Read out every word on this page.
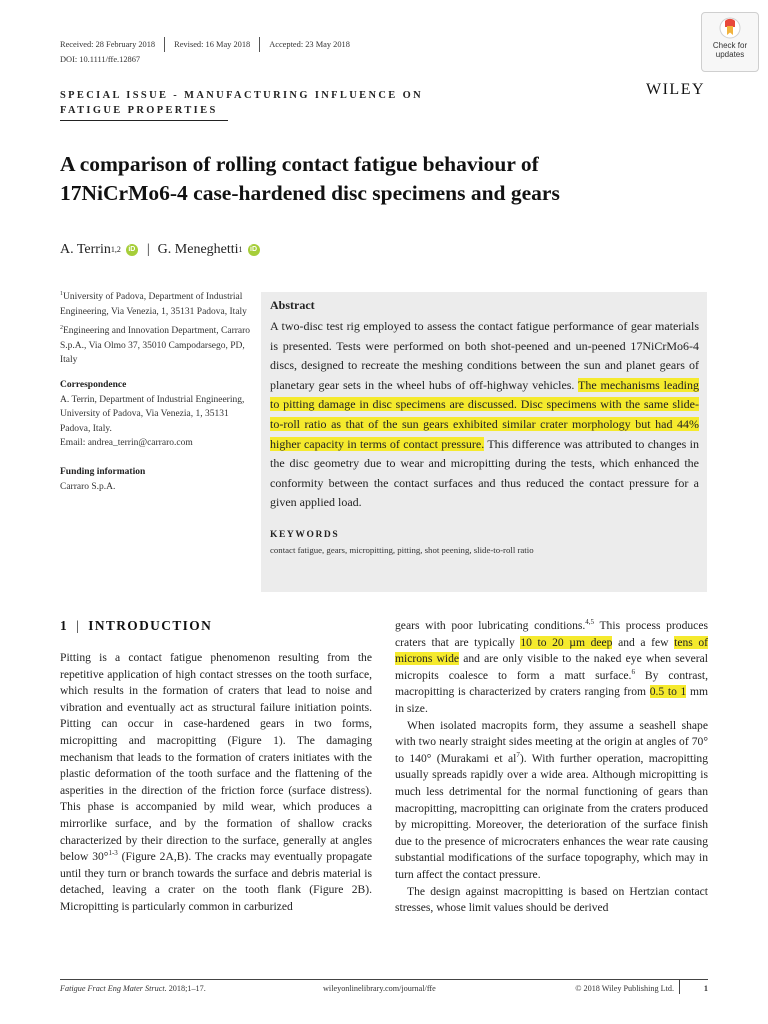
Received: 28 February 2018 Revised: 16 May 2018 Accepted: 23 May 2018
DOI: 10.1111/ffe.12867
Check for
updates
WILEY
SPECIAL ISSUE - MANUFACTURING INFLUENCE ON
FATIGUE PROPERTIES
A comparison of rolling contact fatigue behaviour of
17NiCrMo6-4 case-hardened disc specimens and gears
A. Terrin 1,2	iD | G. Meneghetti 1	iD

$^1$University of Padova, Department of Industrial Engineering, Via Venezia, 1, 35131 Padova, Italy

$^2$Engineering and Innovation Department, Carraro S.p.A., Via Olmo 37, 35010 Campodarsego, PD, Italy

Correspondence

A. Terrin, Department of Industrial Engineering, University of Padova, Via Venezia, 1, 35131 Padova, Italy.

Email: andrea_terrin@carraro.com

Funding information

Carraro S.p.A.

Abstract

A two-disc test rig employed to assess the contact fatigue performance of gear materials is presented. Tests were performed on both shot-peened and un-peened 17NiCrMo6-4 discs, designed to recreate the meshing conditions between the sun and planet gears of planetary gear sets in the wheel hubs of off-highway vehicles. The mechanisms leading to pitting damage in disc specimens are discussed. Disc specimens with the same slide-to-roll ratio as that of the sun gears exhibited similar crater morphology but had 44% higher capacity in terms of contact pressure. This difference was attributed to changes in the disc geometry due to wear and micropitting during the tests, which enhanced the conformity between the contact surfaces and thus reduced the contact pressure for a given applied load.

KEYWORDS
contact fatigue, gears, micropitting, pitting, shot peening, slide-to-roll ratio
1 | INTRODUCTION

Pitting is a contact fatigue phenomenon resulting from the repetitive application of high contact stresses on the tooth surface, which results in the formation of craters that lead to noise and vibration and eventually act as structural failure initiation points. Pitting can occur in case-hardened gears in two forms, micropitting and macropitting (Figure 1). The damaging mechanism that leads to the formation of craters initiates with the plastic deformation of the tooth surface and the flattening of the asperities in the direction of the friction force (surface distress). This phase is accompanied by mild wear, which produces a mirrorlike surface, and by the formation of shallow cracks characterized by their direction to the surface, generally at angles below 30°$^{1-3}$ (Figure 2A,B). The cracks may eventually propagate until they turn or branch towards the surface and debris material is detached, leaving a crater on the tooth flank (Figure 2B). Micropitting is particularly common in carburized

gears with poor lubricating conditions.$^{4,5}$ This process produces craters that are typically 10 to 20 µm deep and a few tens of microns wide and are only visible to the naked eye when several micropits coalesce to form a matt surface.$^6$ By contrast, macropitting is characterized by craters ranging from 0.5 to 1 mm in size.

When isolated macropits form, they assume a seashell shape with two nearly straight sides meeting at the origin at angles of 70° to 140° (Murakami et $al^7$). With further operation, macropitting usually spreads rapidly over a wide area. Although micropitting is much less detrimental for the normal functioning of gears than macropitting, macropitting can originate from the craters produced by micropitting. Moreover, the deterioration of the surface finish due to the presence of microcraters enhances the wear rate causing substantial modifications of the surface topography, which may in turn affect the contact pressure.

The design against macropitting is based on Hertzian contact stresses, whose limit values should be derived

Fatigue Fract Eng Mater Struct. 2018;1–17.	wileyonlinelibrary.com/journal/ffe	© 2018 Wiley Publishing Ltd.	1
